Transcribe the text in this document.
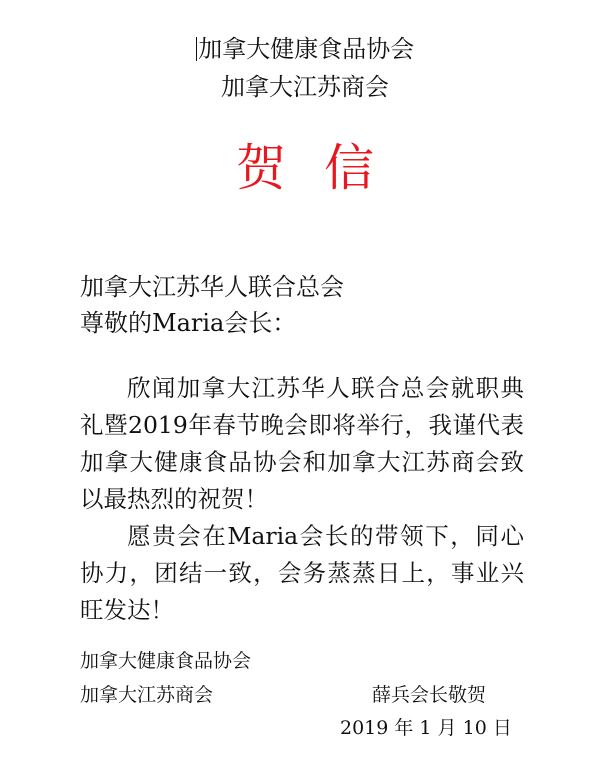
加拿大健康食品协会
加拿大江苏商会
贺信
加拿大江苏华人联合总会
尊敬的Maria会长：

欣闻加拿大江苏华人联合总会就职典礼暨2019年春节晚会即将举行，我谨代表加拿大健康食品协会和加拿大江苏商会致以最热烈的祝贺！

愿贵会在Maria会长的带领下，同心协力，团结一致，会务蒸蒸日上，事业兴旺发达！

加拿大健康食品协会
加拿大江苏商会	薛兵会长敬贺
2019 年 1 月 10 日
